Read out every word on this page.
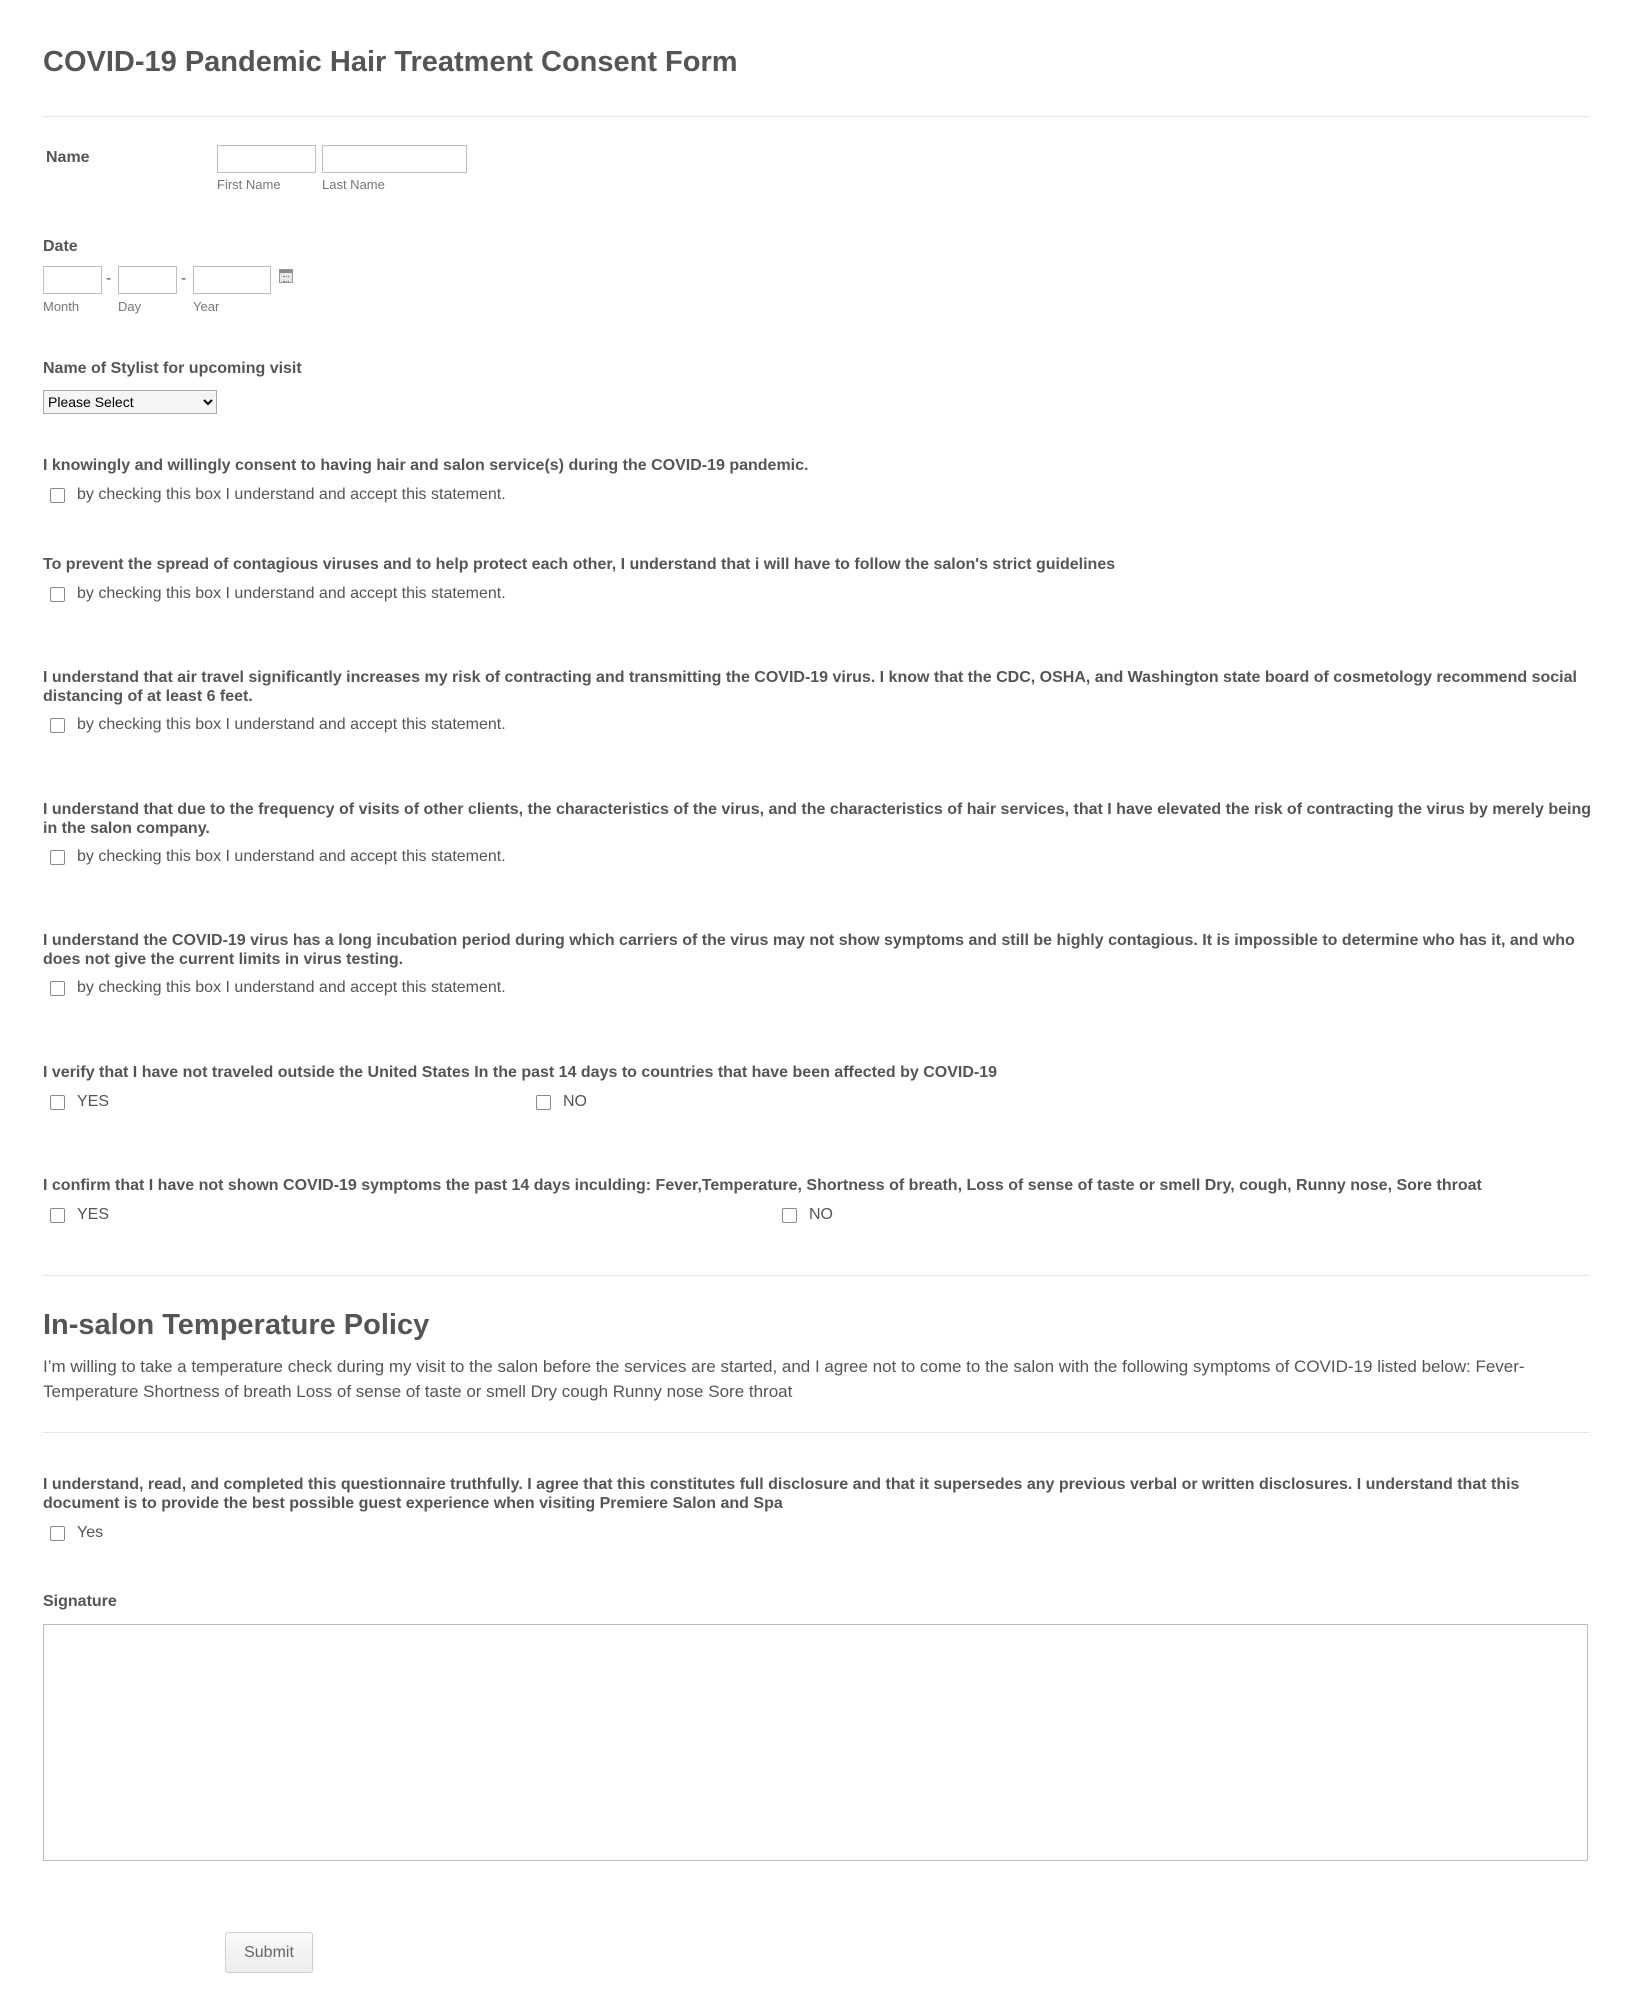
COVID-19 Pandemic Hair Treatment Consent Form
Name
First Name	Last Name
Date
-	-
Month	Day	Year
Name of Stylist for upcoming visit
Please Select
I knowingly and willingly consent to having hair and salon service(s) during the COVID-19 pandemic.
by checking this box I understand and accept this statement.
To prevent the spread of contagious viruses and to help protect each other, I understand that i will have to follow the salon's strict guidelines
by checking this box I understand and accept this statement.
I understand that air travel significantly increases my risk of contracting and transmitting the COVID-19 virus. I know that the CDC, OSHA, and Washington state board of cosmetology recommend social distancing of at least 6 feet.
by checking this box I understand and accept this statement.
I understand that due to the frequency of visits of other clients, the characteristics of the virus, and the characteristics of hair services, that I have elevated the risk of contracting the virus by merely being in the salon company.
by checking this box I understand and accept this statement.
I understand the COVID-19 virus has a long incubation period during which carriers of the virus may not show symptoms and still be highly contagious. It is impossible to determine who has it, and who does not give the current limits in virus testing.
by checking this box I understand and accept this statement.
I verify that I have not traveled outside the United States In the past 14 days to countries that have been affected by COVID-19
YES	NO
I confirm that I have not shown COVID-19 symptoms the past 14 days inculding: Fever,Temperature, Shortness of breath, Loss of sense of taste or smell Dry, cough, Runny nose, Sore throat
YES	NO
In-salon Temperature Policy
I’m willing to take a temperature check during my visit to the salon before the services are started, and I agree not to come to the salon with the following symptoms of COVID-19 listed below: Fever-Temperature Shortness of breath Loss of sense of taste or smell Dry cough Runny nose Sore throat
I understand, read, and completed this questionnaire truthfully. I agree that this constitutes full disclosure and that it supersedes any previous verbal or written disclosures. I understand that this document is to provide the best possible guest experience when visiting Premiere Salon and Spa
Yes
Signature
Submit
